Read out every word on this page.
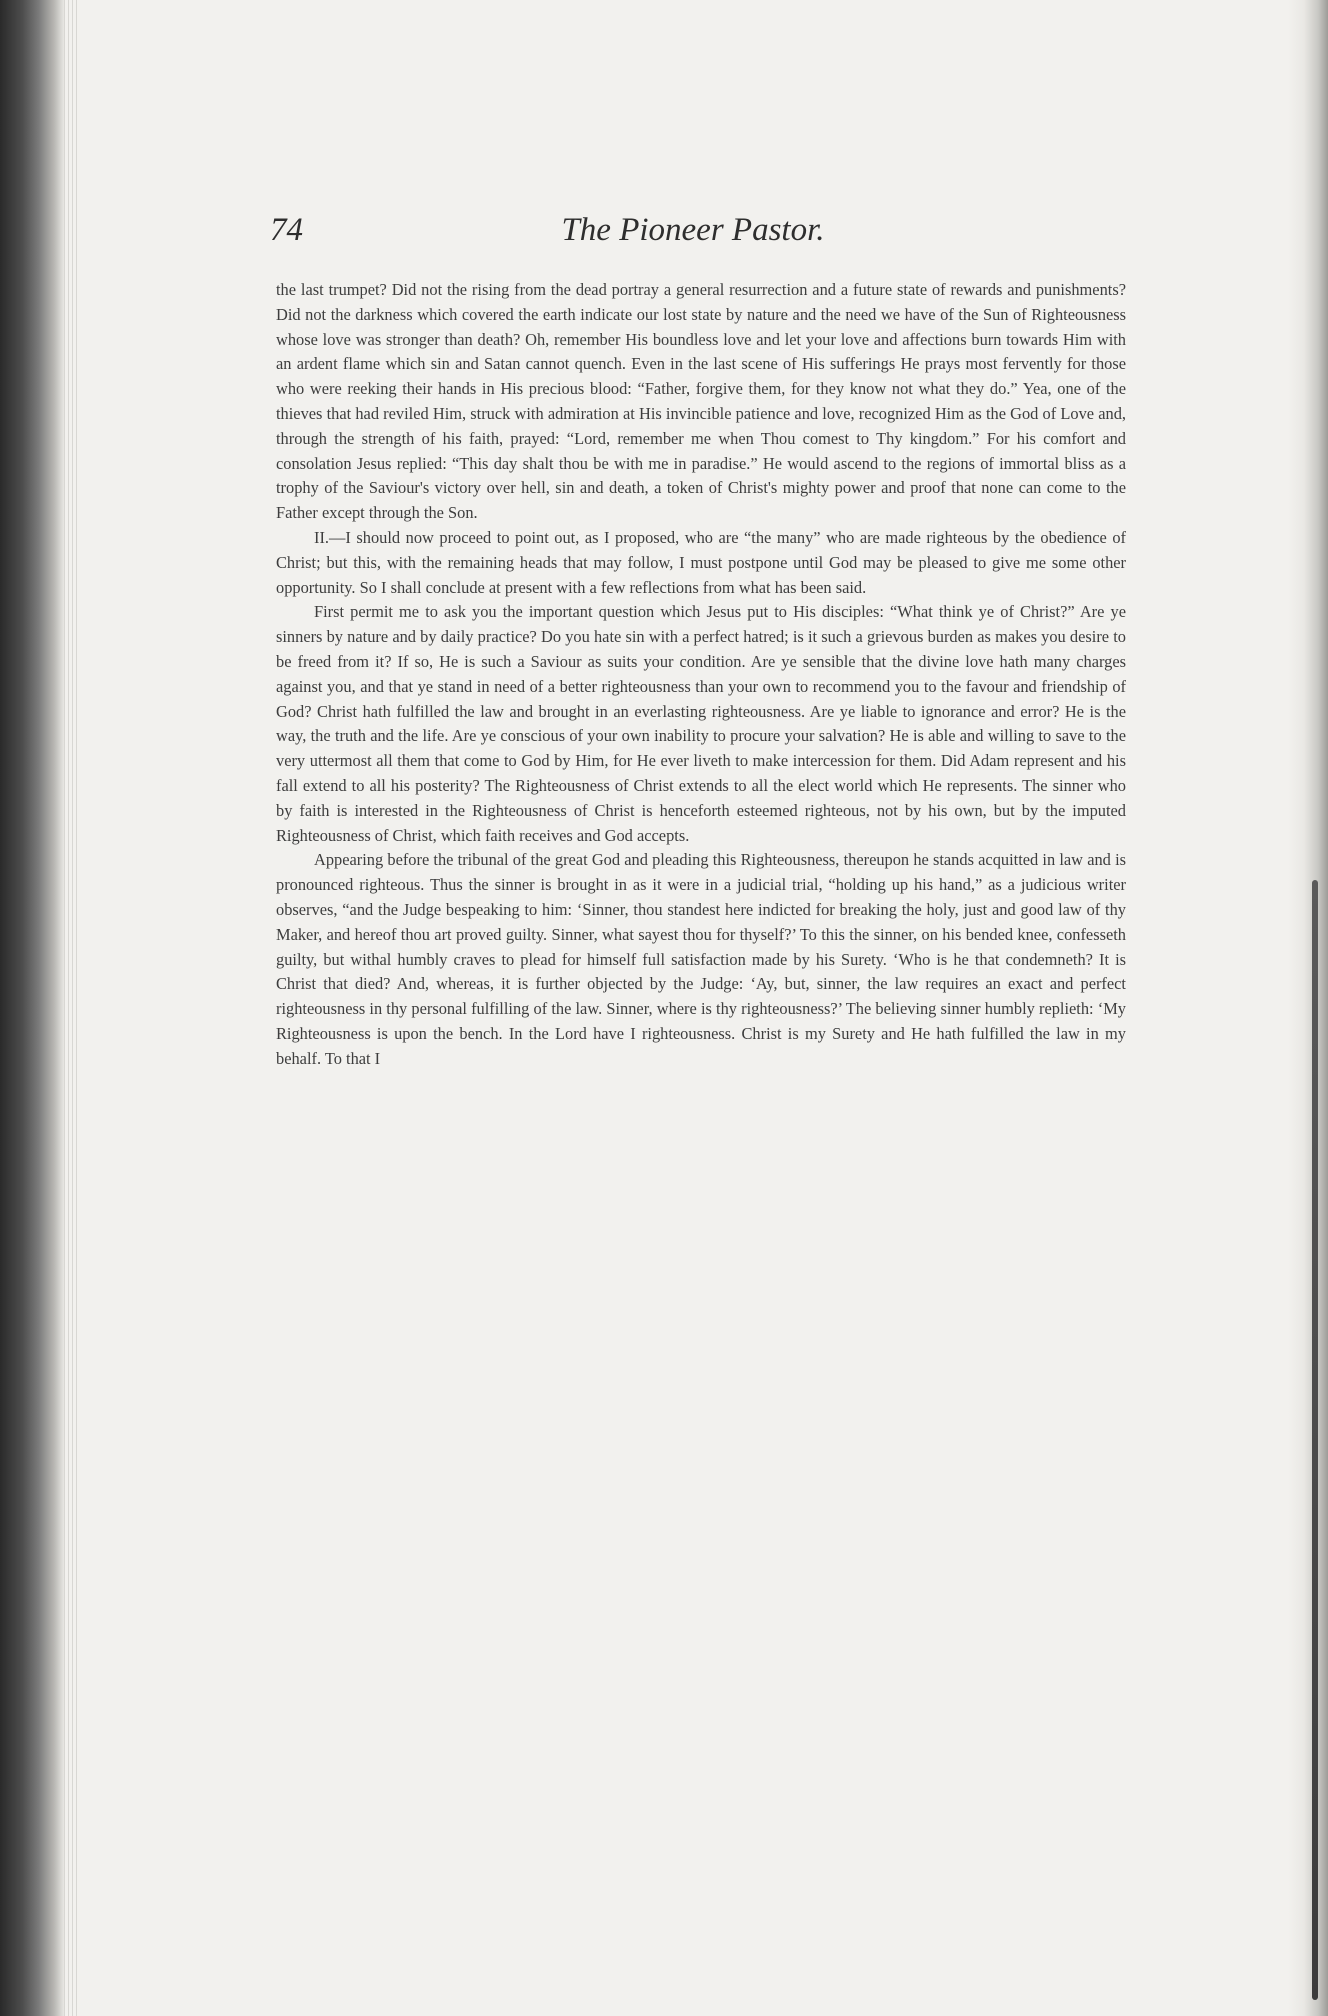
The Pioneer Pastor.
74

the last trumpet? Did not the rising from the dead portray a general resurrection and a future state of rewards and punishments? Did not the darkness which covered the earth indicate our lost state by nature and the need we have of the Sun of Righteousness whose love was stronger than death? Oh, remember His boundless love and let your love and affections burn towards Him with an ardent flame which sin and Satan cannot quench. Even in the last scene of His sufferings He prays most fervently for those who were reeking their hands in His precious blood: “Father, forgive them, for they know not what they do.” Yea, one of the thieves that had reviled Him, struck with admiration at His invincible patience and love, recognized Him as the God of Love and, through the strength of his faith, prayed: “Lord, remember me when Thou comest to Thy kingdom.” For his comfort and consolation Jesus replied: “This day shalt thou be with me in paradise.” He would ascend to the regions of immortal bliss as a trophy of the Saviour's victory over hell, sin and death, a token of Christ's mighty power and proof that none can come to the Father except through the Son.

II.—I should now proceed to point out, as I proposed, who are “the many” who are made righteous by the obedience of Christ; but this, with the remaining heads that may follow, I must postpone until God may be pleased to give me some other opportunity. So I shall conclude at present with a few reflections from what has been said.

First permit me to ask you the important question which Jesus put to His disciples: “What think ye of Christ?” Are ye sinners by nature and by daily practice? Do you hate sin with a perfect hatred; is it such a grievous burden as makes you desire to be freed from it? If so, He is such a Saviour as suits your condition. Are ye sensible that the divine love hath many charges against you, and that ye stand in need of a better righteousness than your own to recommend you to the favour and friendship of God? Christ hath fulfilled the law and brought in an everlasting righteousness. Are ye liable to ignorance and error? He is the way, the truth and the life. Are ye conscious of your own inability to procure your salvation? He is able and willing to save to the very uttermost all them that come to God by Him, for He ever liveth to make intercession for them. Did Adam represent and his fall extend to all his posterity? The Righteousness of Christ extends to all the elect world which He represents. The sinner who by faith is interested in the Righteousness of Christ is henceforth esteemed righteous, not by his own, but by the imputed Righteousness of Christ, which faith receives and God accepts.

Appearing before the tribunal of the great God and pleading this Righteousness, thereupon he stands acquitted in law and is pronounced righteous. Thus the sinner is brought in as it were in a judicial trial, “holding up his hand,” as a judicious writer observes, “and the Judge bespeaking to him: ‘Sinner, thou standest here indicted for breaking the holy, just and good law of thy Maker, and hereof thou art proved guilty. Sinner, what sayest thou for thyself?’ To this the sinner, on his bended knee, confesseth guilty, but withal humbly craves to plead for himself full satisfaction made by his Surety. ‘Who is he that condemneth? It is Christ that died? And, whereas, it is further objected by the Judge: ‘Ay, but, sinner, the law requires an exact and perfect righteousness in thy personal fulfilling of the law. Sinner, where is thy righteousness?’ The believing sinner humbly replieth: ‘My Righteousness is upon the bench. In the Lord have I righteousness. Christ is my Surety and He hath fulfilled the law in my behalf. To that I
